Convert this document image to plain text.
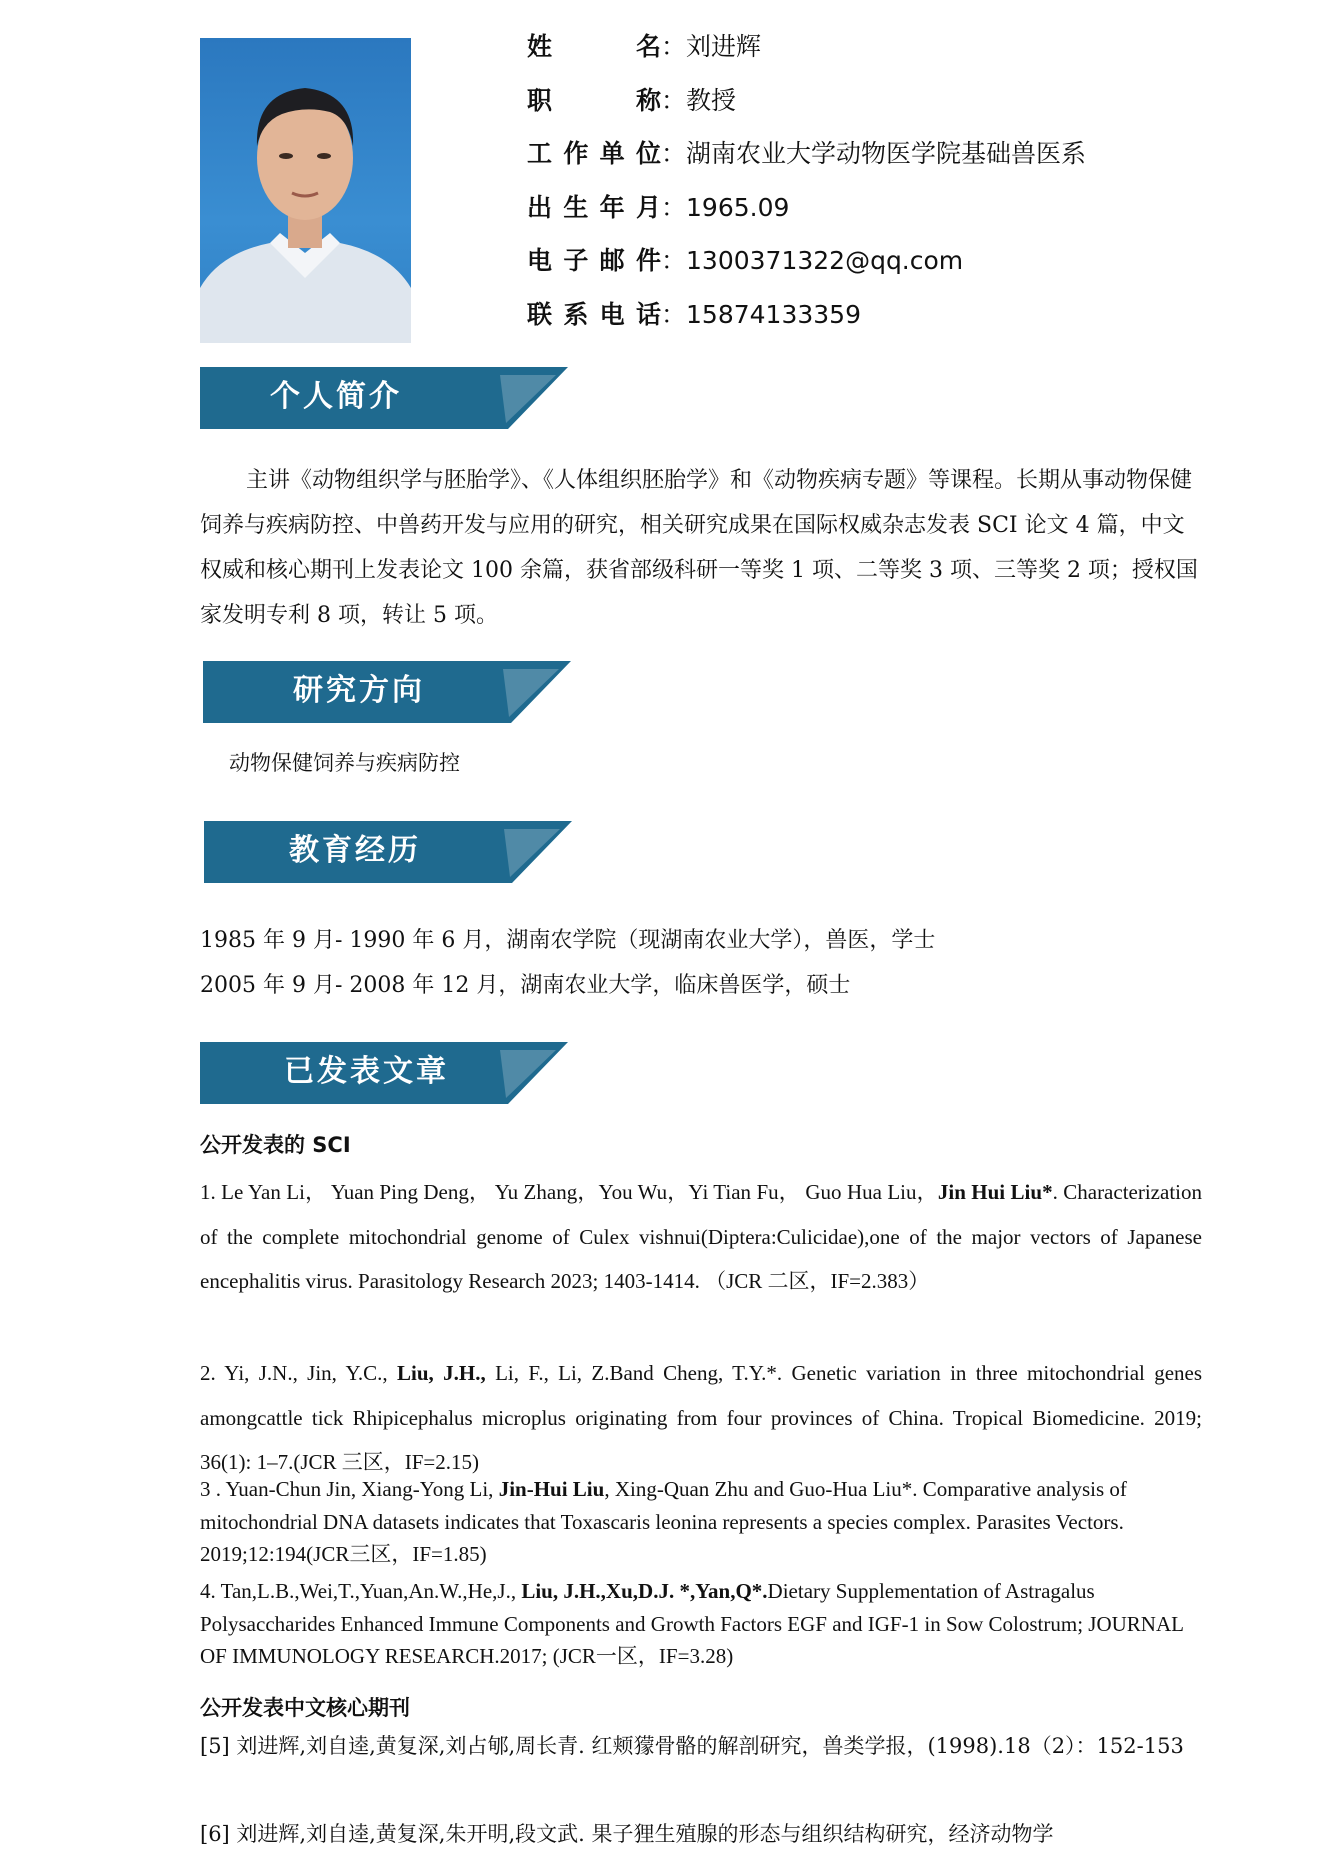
姓名：刘进辉
职称：教授
工作单位：湖南农业大学动物医学院基础兽医系
出生年月：1965.09
电子邮件：1300371322@qq.com
联系电话：15874133359
个人简介
主讲《动物组织学与胚胎学》、《人体组织胚胎学》和《动物疾病专题》等课程。长期从事动物保健饲养与疾病防控、中兽药开发与应用的研究，相关研究成果在国际权威杂志发表 SCI 论文 4 篇，中文权威和核心期刊上发表论文 100 余篇，获省部级科研一等奖 1 项、二等奖 3 项、三等奖 2 项；授权国家发明专利 8 项，转让 5 项。
研究方向
动物保健饲养与疾病防控
教育经历
1985 年 9 月- 1990 年 6 月，湖南农学院（现湖南农业大学），兽医，学士
2005 年 9 月- 2008 年 12 月，湖南农业大学，临床兽医学，硕士
已发表文章
公开发表的 SCI
1. Le Yan Li， Yuan Ping Deng， Yu Zhang，You Wu，Yi Tian Fu， Guo Hua Liu，Jin Hui Liu*. Characterization of the complete mitochondrial genome of Culex vishnui(Diptera:Culicidae),one of the major vectors of Japanese encephalitis virus. Parasitology Research 2023; 1403-1414. （JCR 二区，IF=2.383）
2. Yi, J.N., Jin, Y.C., Liu, J.H., Li, F., Li, Z.Band Cheng, T.Y.*. Genetic variation in three mitochondrial genes amongcattle tick Rhipicephalus microplus originating from four provinces of China. Tropical Biomedicine. 2019; 36(1): 1–7.(JCR 三区，IF=2.15)
3 . Yuan-Chun Jin, Xiang-Yong Li, Jin-Hui Liu, Xing-Quan Zhu and Guo-Hua Liu*. Comparative analysis of mitochondrial DNA datasets indicates that Toxascaris leonina represents a species complex. Parasites Vectors. 2019;12:194(JCR三区，IF=1.85)
4. Tan,L.B.,Wei,T.,Yuan,An.W.,He,J., Liu, J.H.,Xu,D.J. *,Yan,Q*.Dietary Supplementation of Astragalus Polysaccharides Enhanced Immune Components and Growth Factors EGF and IGF-1 in Sow Colostrum; JOURNAL OF IMMUNOLOGY RESEARCH.2017; (JCR一区，IF=3.28)
公开发表中文核心期刊
[5] 刘进辉,刘自逵,黄复深,刘占郇,周长青. 红颊獴骨骼的解剖研究，兽类学报，(1998).18（2）：152-153
[6] 刘进辉,刘自逵,黄复深,朱开明,段文武. 果子狸生殖腺的形态与组织结构研究，经济动物学
